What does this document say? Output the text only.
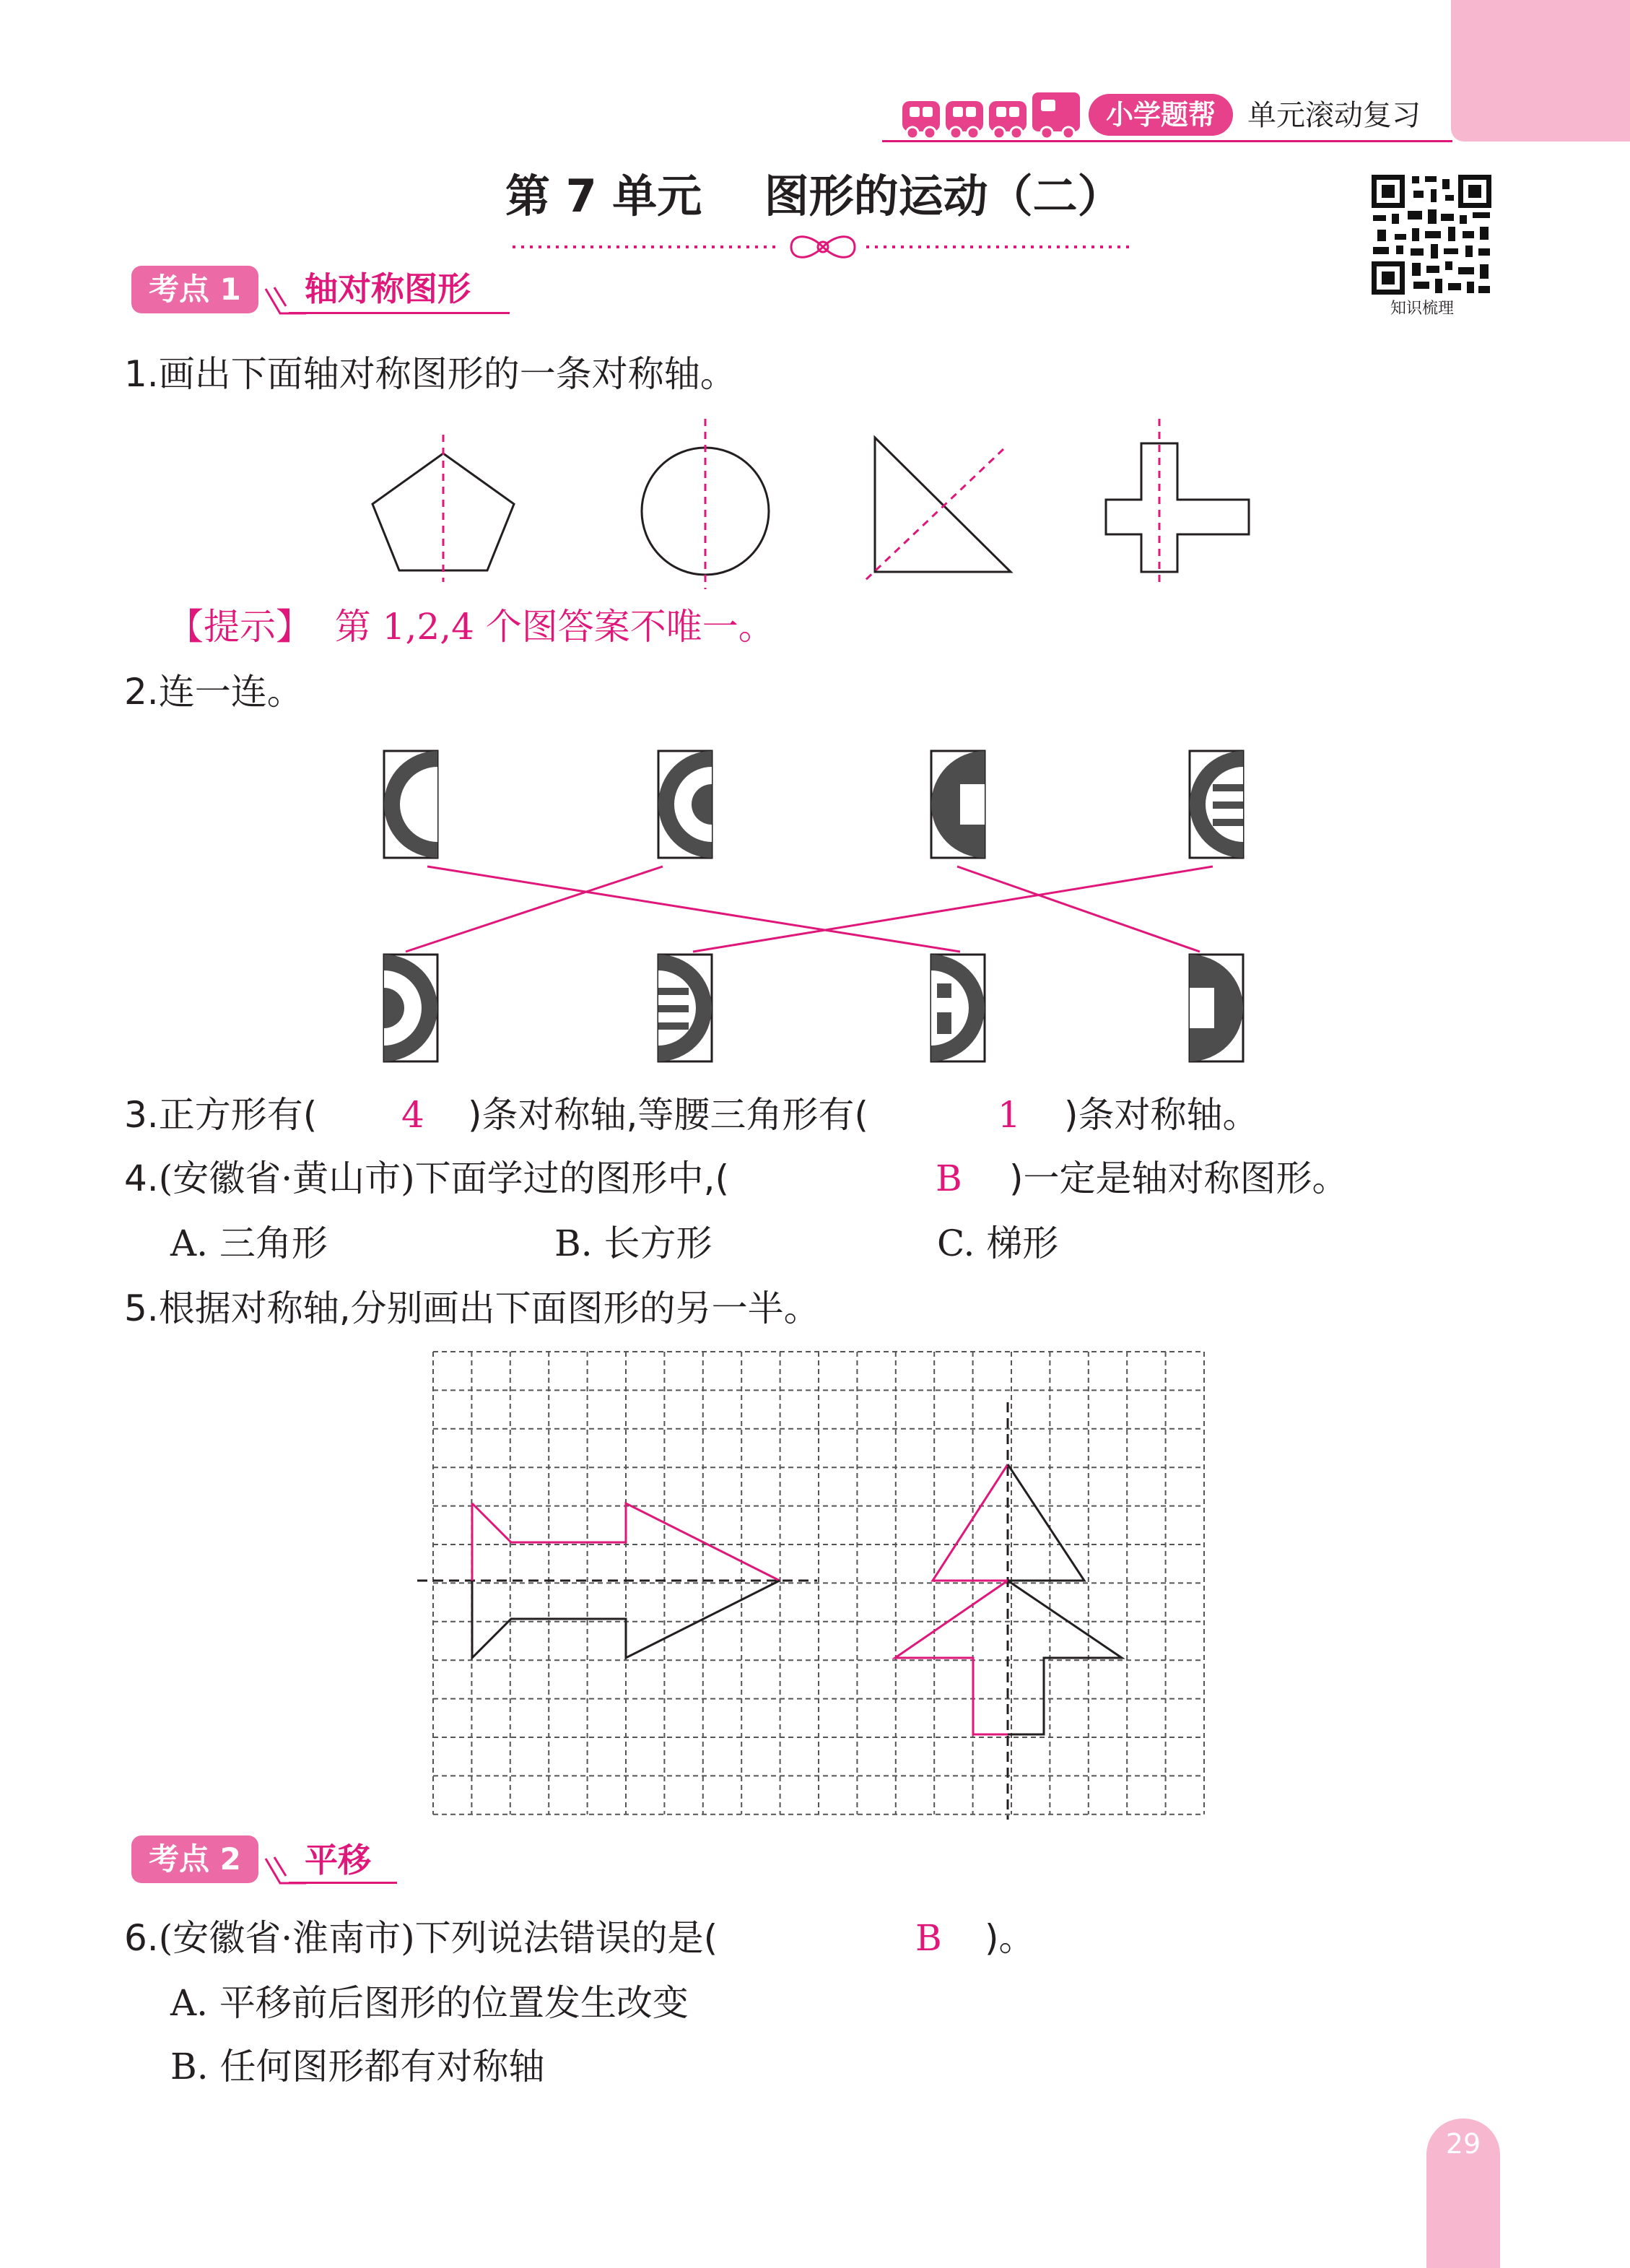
小学题帮	单元滚动复习
第 7 单元    图形的运动（二）
知识梳理
考点 1	轴对称图形
1.画出下面轴对称图形的一条对称轴。
【提示】  第 1,2,4 个图答案不唯一。
2.连一连。
3.正方形有( 4 )条对称轴,等腰三角形有(	1 )条对称轴。
4.(安徽省·黄山市)下面学过的图形中,(	B )一定是轴对称图形。
A. 三角形	B. 长方形	C. 梯形
5.根据对称轴,分别画出下面图形的另一半。
考点 2	平移
6.(安徽省·淮南市)下列说法错误的是(	B )。
A. 平移前后图形的位置发生改变
B. 任何图形都有对称轴
29
